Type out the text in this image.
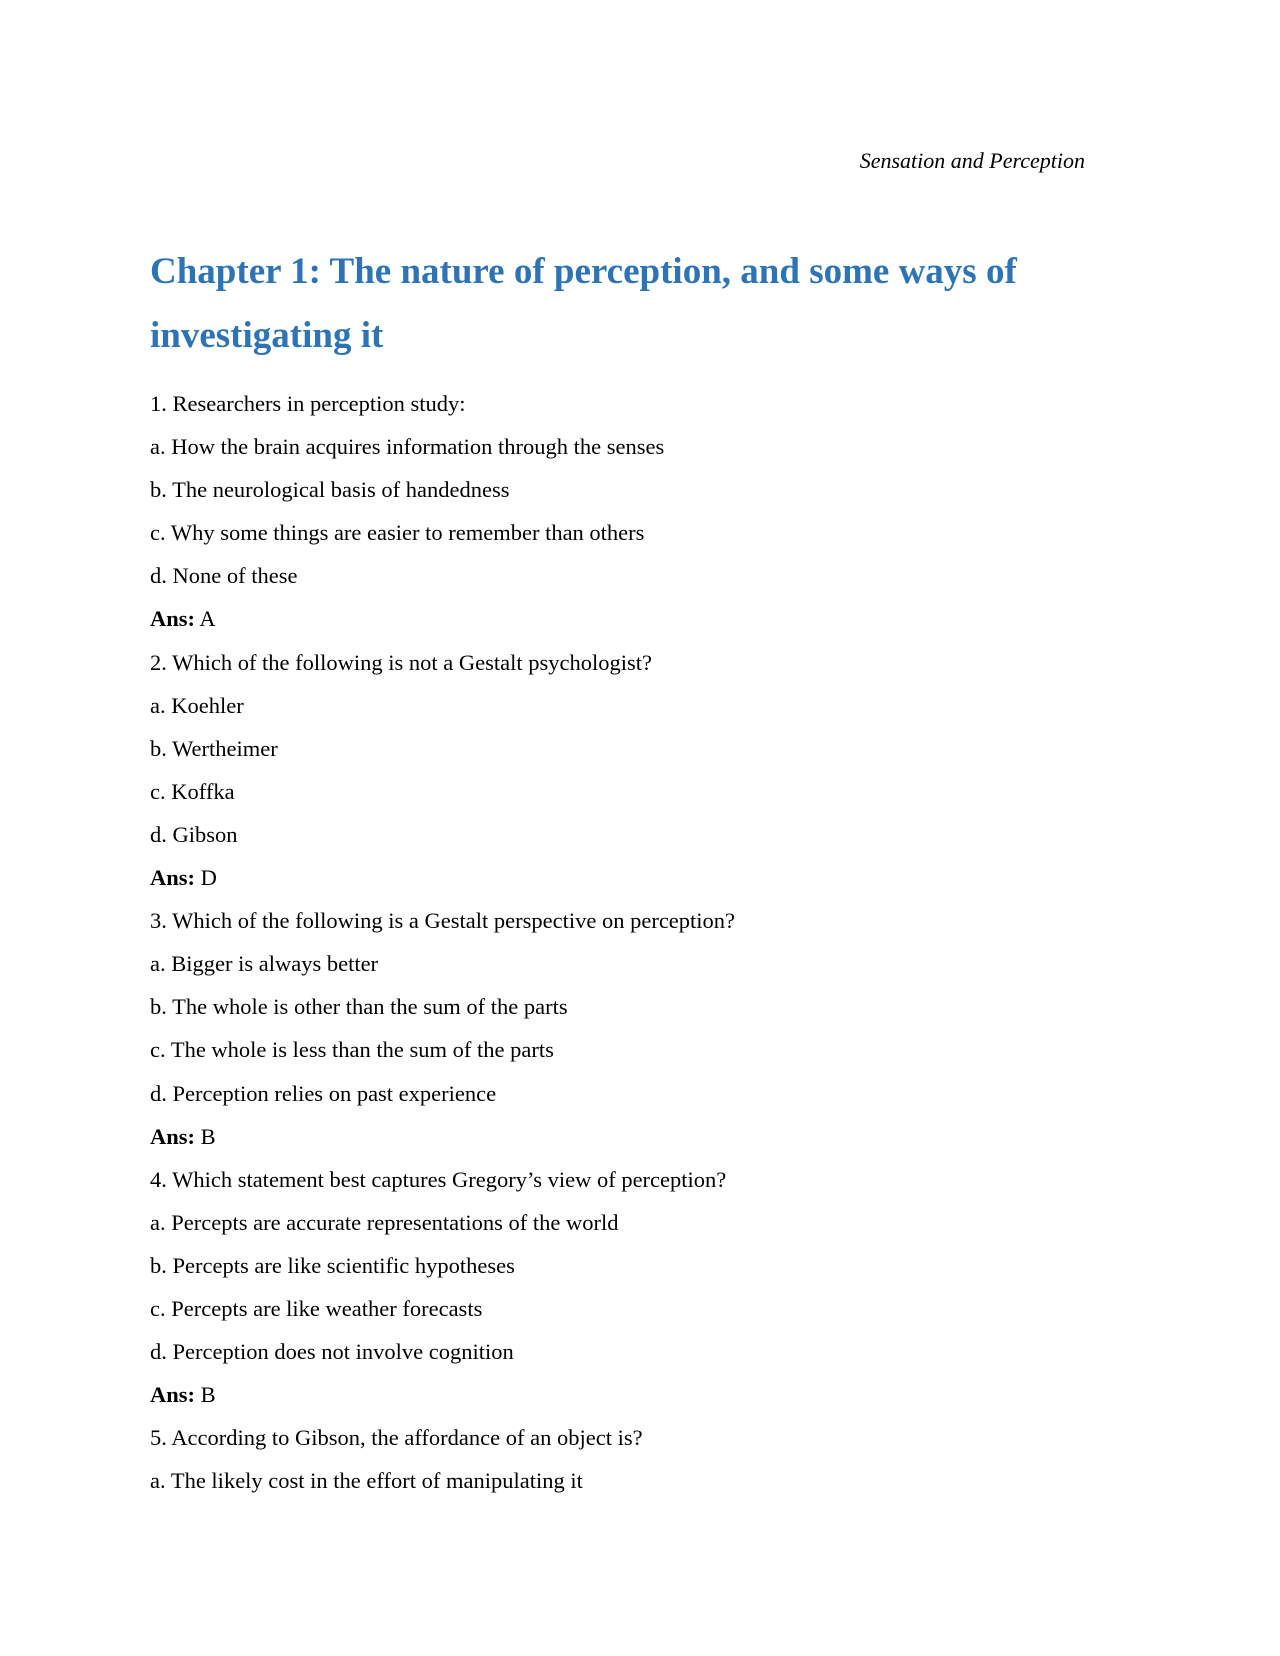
Sensation and Perception
Chapter 1: The nature of perception, and some ways of investigating it
1. Researchers in perception study:
a. How the brain acquires information through the senses
b. The neurological basis of handedness
c. Why some things are easier to remember than others
d. None of these
Ans: A
2. Which of the following is not a Gestalt psychologist?
a. Koehler
b. Wertheimer
c. Koffka
d. Gibson
Ans: D
3. Which of the following is a Gestalt perspective on perception?
a. Bigger is always better
b. The whole is other than the sum of the parts
c. The whole is less than the sum of the parts
d. Perception relies on past experience
Ans: B
4. Which statement best captures Gregory’s view of perception?
a. Percepts are accurate representations of the world
b. Percepts are like scientific hypotheses
c. Percepts are like weather forecasts
d. Perception does not involve cognition
Ans: B
5. According to Gibson, the affordance of an object is?
a. The likely cost in the effort of manipulating it
